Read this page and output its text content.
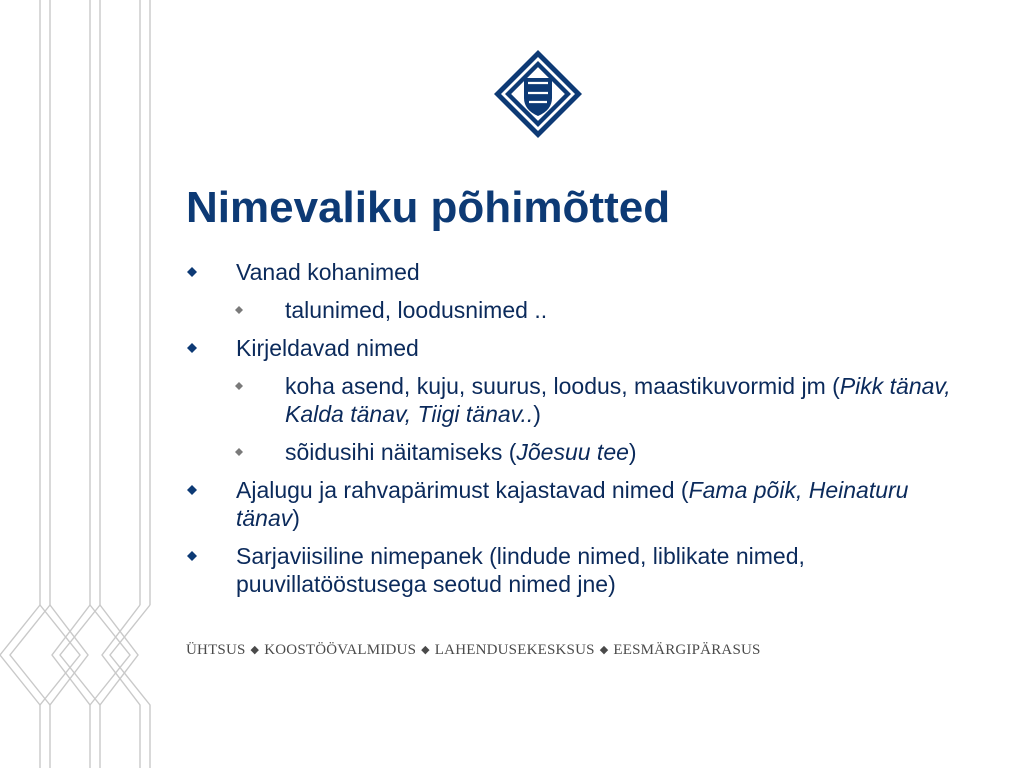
Nimevaliku põhimõtted
Vanad kohanimed
talunimed, loodusnimed ..
Kirjeldavad nimed
koha asend, kuju, suurus, loodus, maastikuvormid jm (Pikk tänav, Kalda tänav, Tiigi tänav..)
sõidusihi näitamiseks (Jõesuu tee)
Ajalugu ja rahvapärimust kajastavad nimed (Fama põik, Heinaturu tänav)
Sarjaviisiline nimepanek (lindude nimed, liblikate nimed, puuvillatööstusega seotud nimed jne)
ÜHTSUS ◆ KOOSTÖÖVALMIDUS ◆ LAHENDUSEKESKSUS ◆ EESMÄRGIPÄRASUS
